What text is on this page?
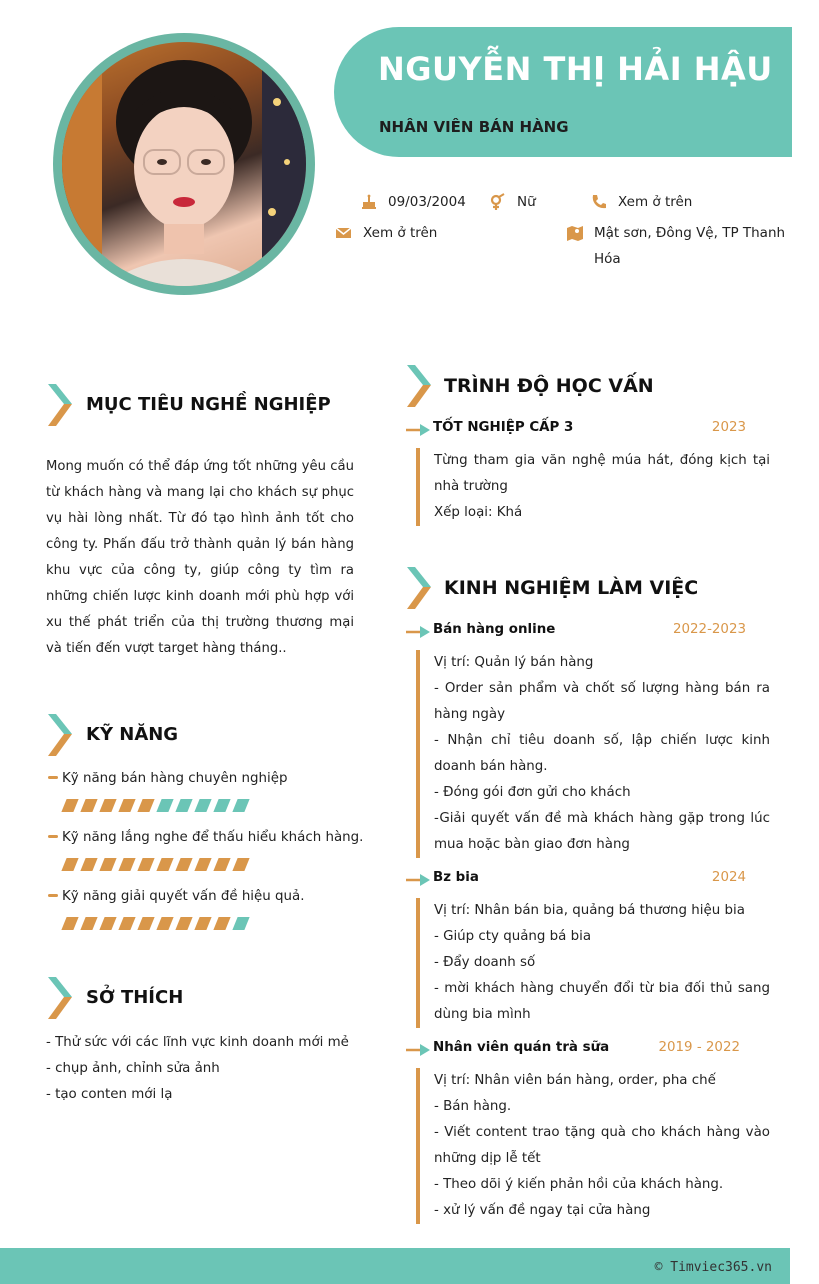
NGUYỄN THỊ HẢI HẬU
NHÂN VIÊN BÁN HÀNG
09/03/2004	Nữ	Xem ở trên
Xem ở trên	Mật sơn, Đông Vệ, TP Thanh Hóa
MỤC TIÊU NGHỀ NGHIỆP
Mong muốn có thể đáp ứng tốt những yêu cầu từ khách hàng và mang lại cho khách sự phục vụ hài lòng nhất. Từ đó tạo hình ảnh tốt cho công ty. Phấn đấu trở thành quản lý bán hàng khu vực của công ty, giúp công ty tìm ra những chiến lược kinh doanh mới phù hợp với xu thế phát triển của thị trường thương mại và tiến đến vượt target hàng tháng..
KỸ NĂNG
Kỹ năng bán hàng chuyên nghiệp
Kỹ năng lắng nghe để thấu hiểu khách hàng.
Kỹ năng giải quyết vấn đề hiệu quả.
SỞ THÍCH
- Thử sức với các lĩnh vực kinh doanh mới mẻ
- chụp ảnh, chỉnh sửa ảnh
- tạo conten mới lạ
TRÌNH ĐỘ HỌC VẤN
TỐT NGHIỆP CẤP 3	2023
Từng tham gia văn nghệ múa hát, đóng kịch tại nhà trường
Xếp loại: Khá
KINH NGHIỆM LÀM VIỆC
Bán hàng online	2022-2023
Vị trí: Quản lý bán hàng
- Order sản phẩm và chốt số lượng hàng bán ra hàng ngày
- Nhận chỉ tiêu doanh số, lập chiến lược kinh doanh bán hàng.
- Đóng gói đơn gửi cho khách
-Giải quyết vấn đề mà khách hàng gặp trong lúc mua hoặc bàn giao đơn hàng
Bz bia	2024
Vị trí: Nhân bán bia, quảng bá thương hiệu bia
- Giúp cty quảng bá bia
- Đẩy doanh số
- mời khách hàng chuyển đổi từ bia đối thủ sang dùng bia mình
Nhân viên quán trà sữa	2019 - 2022
Vị trí: Nhân viên bán hàng, order, pha chế
- Bán hàng.
- Viết content trao tặng quà cho khách hàng vào những dịp lễ tết
- Theo dõi ý kiến phản hồi của khách hàng.
- xử lý vấn đề ngay tại cửa hàng
© Timviec365.vn
